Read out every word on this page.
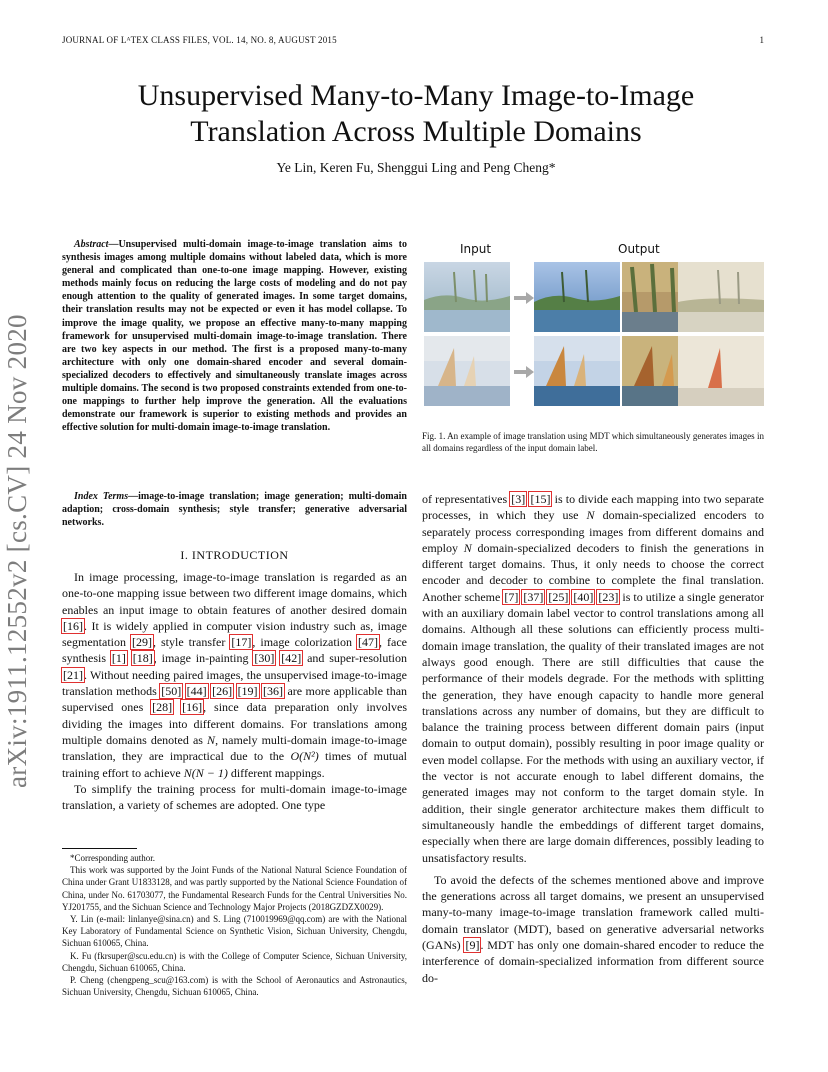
JOURNAL OF LᴬTEX CLASS FILES, VOL. 14, NO. 8, AUGUST 2015	1
arXiv:1911.12552v2 [cs.CV] 24 Nov 2020
Unsupervised Many-to-Many Image-to-Image
Translation Across Multiple Domains
Ye Lin, Keren Fu, Shenggui Ling and Peng Cheng*
Abstract—Unsupervised multi-domain image-to-image translation aims to synthesis images among multiple domains without labeled data, which is more general and complicated than one-to-one image mapping. However, existing methods mainly focus on reducing the large costs of modeling and do not pay enough attention to the quality of generated images. In some target domains, their translation results may not be expected or even it has model collapse. To improve the image quality, we propose an effective many-to-many mapping framework for unsupervised multi-domain image-to-image translation. There are two key aspects in our method. The first is a proposed many-to-many architecture with only one domain-shared encoder and several domain-specialized decoders to effectively and simultaneously translate images across multiple domains. The second is two proposed constraints extended from one-to-one mappings to further help improve the generation. All the evaluations demonstrate our framework is superior to existing methods and provides an effective solution for multi-domain image-to-image translation.
Index Terms—image-to-image translation; image generation; multi-domain adaption; cross-domain synthesis; style transfer; generative adversarial networks.
I. INTRODUCTION

In image processing, image-to-image translation is regarded as an one-to-one mapping issue between two different image domains, which enables an input image to obtain features of another desired domain [16]. It is widely applied in computer vision industry such as, image segmentation [29], style transfer [17], image colorization [47], face synthesis [1] [18], image in-painting [30] [42] and super-resolution [21]. Without needing paired images, the unsupervised image-to-image translation methods [50] [44] [26] [19] [36] are more applicable than supervised ones [28] [16], since data preparation only involves dividing the images into different domains. For translations among multiple domains denoted as N, namely multi-domain image-to-image translation, they are impractical due to the O(N²) times of mutual training effort to achieve N(N − 1) different mappings.

To simplify the training process for multi-domain image-to-image translation, a variety of schemes are adopted. One type

*Corresponding author.

This work was supported by the Joint Funds of the National Natural Science Foundation of China under Grant U1833128, and was partly supported by the National Science Foundation of China, under No. 61703077, the Fundamental Research Funds for the Central Universities No. YJ201755, and the Sichuan Science and Technology Major Projects (2018GZDZX0029).

Y. Lin (e-mail: linlanye@sina.cn) and S. Ling (710019969@qq.com) are with the National Key Laboratory of Fundamental Science on Synthetic Vision, Sichuan University, Chengdu, Sichuan 610065, China.

K. Fu (fkrsuper@scu.edu.cn) is with the College of Computer Science, Sichuan University, Chengdu, Sichuan 610065, China.

P. Cheng (chengpeng_scu@163.com) is with the School of Aeronautics and Astronautics, Sichuan University, Chengdu, Sichuan 610065, China.

Input	Output
Fig. 1. An example of image translation using MDT which simultaneously generates images in all domains regardless of the input domain label.

of representatives [3] [15] is to divide each mapping into two separate processes, in which they use N domain-specialized encoders to separately process corresponding images from different domains and employ N domain-specialized decoders to finish the generations in different target domains. Thus, it only needs to choose the correct encoder and decoder to combine to complete the final translation. Another scheme [7] [37] [25] [40] [23] is to utilize a single generator with an auxiliary domain label vector to control translations among all domains. Although all these solutions can efficiently process multi-domain image translation, the quality of their translated images are not always good enough. There are still difficulties that cause the performance of their models degrade. For the methods with splitting the generation, they have enough capacity to handle more general translations across any number of domains, but they are difficult to balance the training process between different domain pairs (input domain to output domain), possibly resulting in poor image quality or even model collapse. For the methods with using an auxiliary vector, if the vector is not accurate enough to label different domains, the generated images may not conform to the target domain style. In addition, their single generator architecture makes them difficult to simultaneously handle the embeddings of different target domains, especially when there are large domain differences, possibly leading to unsatisfactory results.

To avoid the defects of the schemes mentioned above and improve the generations across all target domains, we present an unsupervised many-to-many image-to-image translation framework called multi-domain translator (MDT), based on generative adversarial networks (GANs) [9]. MDT has only one domain-shared encoder to reduce the interference of domain-specialized information from different source do-
